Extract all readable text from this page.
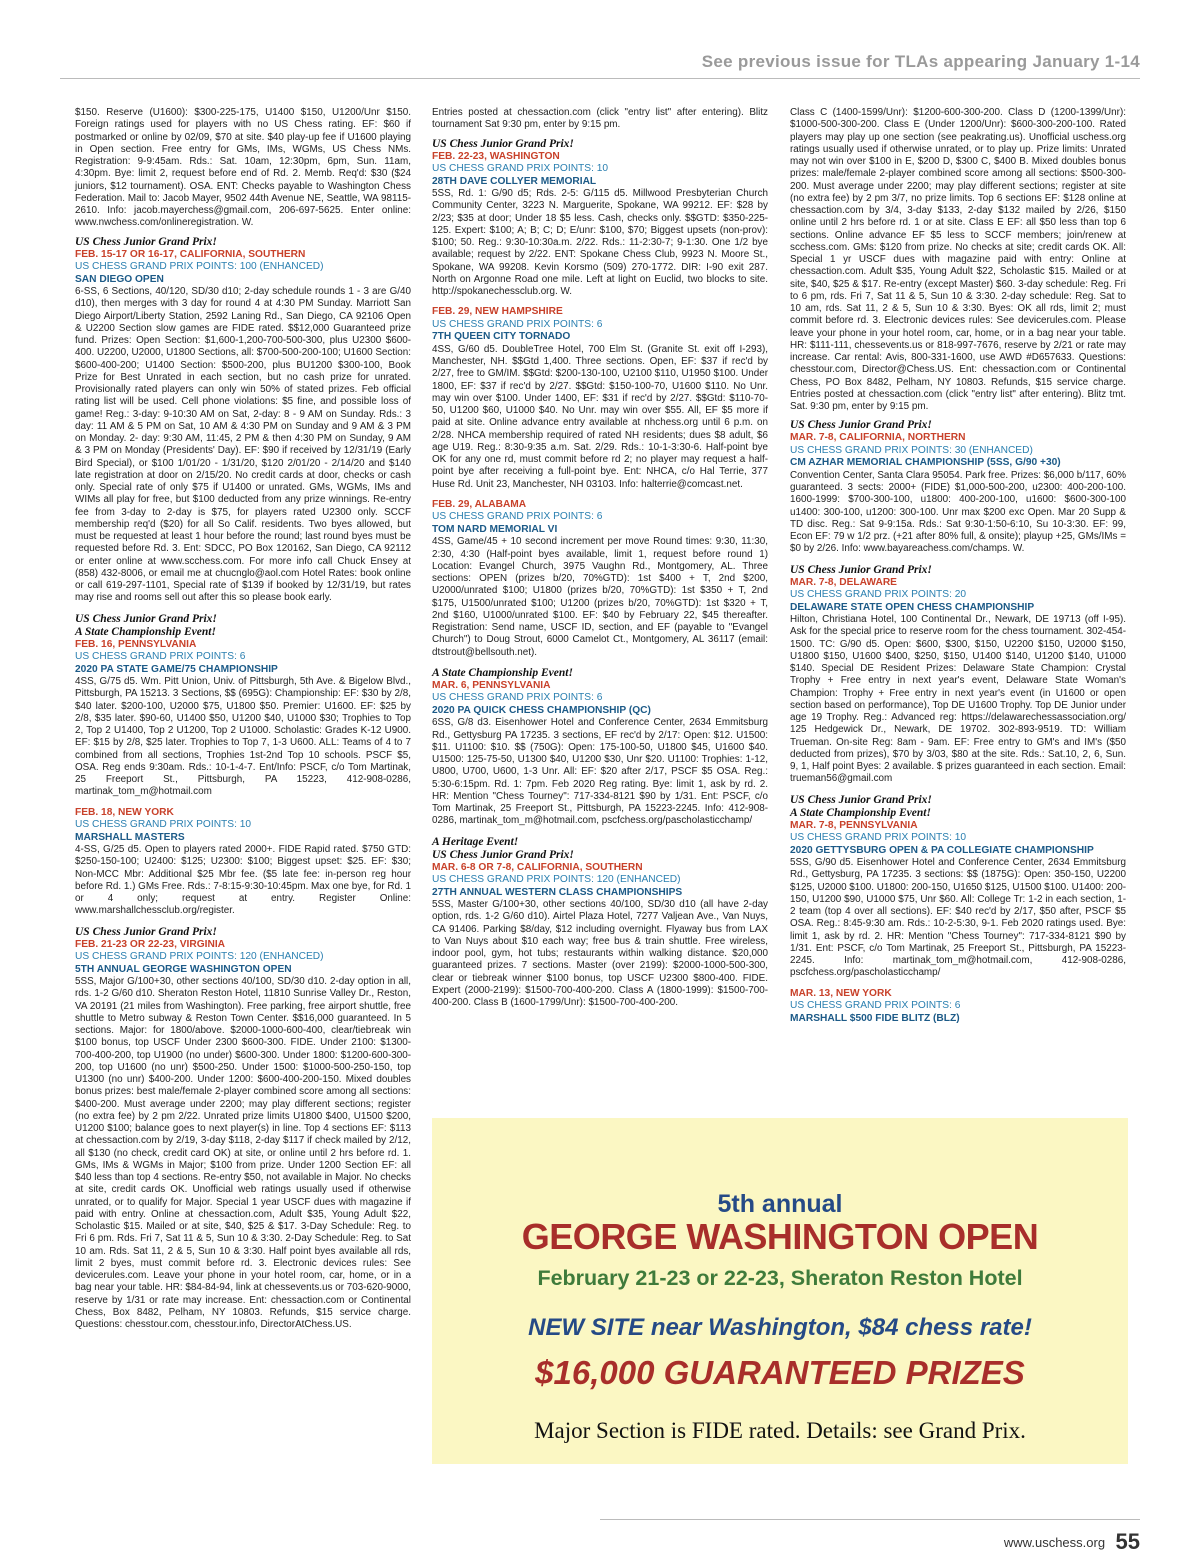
See previous issue for TLAs appearing January 1-14

$150. Reserve (U1600): $300-225-175, U1400 $150, U1200/Unr $150. Foreign ratings used for players with no US Chess rating. EF: $60 if postmarked or online by 02/09, $70 at site. $40 play-up fee if U1600 playing in Open section. Free entry for GMs, IMs, WGMs, US Chess NMs. Registration: 9-9:45am. Rds.: Sat. 10am, 12:30pm, 6pm, Sun. 11am, 4:30pm. Bye: limit 2, request before end of Rd. 2. Memb. Req'd: $30 ($24 juniors, $12 tournament). OSA. ENT: Checks payable to Washington Chess Federation. Mail to: Jacob Mayer, 9502 44th Avenue NE, Seattle, WA 98115-2610. Info: jacob.mayerchess@gmail.com, 206-697-5625. Enter online: www.nwchess.com/onlineregistration. W.

US Chess Junior Grand Prix!
FEB. 15-17 OR 16-17, CALIFORNIA, SOUTHERN
US CHESS GRAND PRIX POINTS: 100 (ENHANCED)
SAN DIEGO OPEN

6-SS, 6 Sections, 40/120, SD/30 d10; 2-day schedule rounds 1 - 3 are G/40 d10), then merges with 3 day for round 4 at 4:30 PM Sunday. Marriott San Diego Airport/Liberty Station, 2592 Laning Rd., San Diego, CA 92106 Open & U2200 Section slow games are FIDE rated. $$12,000 Guaranteed prize fund. Prizes: Open Section: $1,600-1,200-700-500-300, plus U2300 $600-400. U2200, U2000, U1800 Sections, all: $700-500-200-100; U1600 Section: $600-400-200; U1400 Section: $500-200, plus BU1200 $300-100, Book Prize for Best Unrated in each section, but no cash prize for unrated. Provisionally rated players can only win 50% of stated prizes. Feb official rating list will be used. Cell phone violations: $5 fine, and possible loss of game! Reg.: 3-day: 9-10:30 AM on Sat, 2-day: 8 - 9 AM on Sunday. Rds.: 3 day: 11 AM & 5 PM on Sat, 10 AM & 4:30 PM on Sunday and 9 AM & 3 PM on Monday. 2- day: 9:30 AM, 11:45, 2 PM & then 4:30 PM on Sunday, 9 AM & 3 PM on Monday (Presidents' Day). EF: $90 if received by 12/31/19 (Early Bird Special), or $100 1/01/20 - 1/31/20, $120 2/01/20 - 2/14/20 and $140 late registration at door on 2/15/20. No credit cards at door, checks or cash only. Special rate of only $75 if U1400 or unrated. GMs, WGMs, IMs and WIMs all play for free, but $100 deducted from any prize winnings. Re-entry fee from 3-day to 2-day is $75, for players rated U2300 only. SCCF membership req'd ($20) for all So Calif. residents. Two byes allowed, but must be requested at least 1 hour before the round; last round byes must be requested before Rd. 3. Ent: SDCC, PO Box 120162, San Diego, CA 92112 or enter online at www.scchess.com. For more info call Chuck Ensey at (858) 432-8006, or email me at chucnglo@aol.com Hotel Rates: book online or call 619-297-1101, Special rate of $139 if booked by 12/31/19, but rates may rise and rooms sell out after this so please book early.

US Chess Junior Grand Prix!
A State Championship Event!
FEB. 16, PENNSYLVANIA
US CHESS GRAND PRIX POINTS: 6
2020 PA STATE GAME/75 CHAMPIONSHIP

4SS, G/75 d5. Wm. Pitt Union, Univ. of Pittsburgh, 5th Ave. & Bigelow Blvd., Pittsburgh, PA 15213. 3 Sections, $$ (695G): Championship: EF: $30 by 2/8, $40 later. $200-100, U2000 $75, U1800 $50. Premier: U1600. EF: $25 by 2/8, $35 later. $90-60, U1400 $50, U1200 $40, U1000 $30; Trophies to Top 2, Top 2 U1400, Top 2 U1200, Top 2 U1000. Scholastic: Grades K-12 U900. EF: $15 by 2/8, $25 later. Trophies to Top 7, 1-3 U600. ALL: Teams of 4 to 7 combined from all sections, Trophies 1st-2nd Top 10 schools. PSCF $5, OSA. Reg ends 9:30am. Rds.: 10-1-4-7. Ent/Info: PSCF, c/o Tom Martinak, 25 Freeport St., Pittsburgh, PA 15223, 412-908-0286, martinak_tom_m@hotmail.com

FEB. 18, NEW YORK
US CHESS GRAND PRIX POINTS: 10
MARSHALL MASTERS

4-SS, G/25 d5. Open to players rated 2000+. FIDE Rapid rated. $750 GTD: $250-150-100; U2400: $125; U2300: $100; Biggest upset: $25. EF: $30; Non-MCC Mbr: Additional $25 Mbr fee. ($5 late fee: in-person reg hour before Rd. 1.) GMs Free. Rds.: 7-8:15-9:30-10:45pm. Max one bye, for Rd. 1 or 4 only; request at entry. Register Online: www.marshallchessclub.org/register.

US Chess Junior Grand Prix!
FEB. 21-23 OR 22-23, VIRGINIA
US CHESS GRAND PRIX POINTS: 120 (ENHANCED)
5TH ANNUAL GEORGE WASHINGTON OPEN

5SS, Major G/100+30, other sections 40/100, SD/30 d10. 2-day option in all, rds. 1-2 G/60 d10. Sheraton Reston Hotel, 11810 Sunrise Valley Dr., Reston, VA 20191 (21 miles from Washington). Free parking, free airport shuttle, free shuttle to Metro subway & Reston Town Center. $$16,000 guaranteed. In 5 sections. Major: for 1800/above. $2000-1000-600-400, clear/tiebreak win $100 bonus, top USCF Under 2300 $600-300. FIDE. Under 2100: $1300-700-400-200, top U1900 (no under) $600-300. Under 1800: $1200-600-300-200, top U1600 (no unr) $500-250. Under 1500: $1000-500-250-150, top U1300 (no unr) $400-200. Under 1200: $600-400-200-150. Mixed doubles bonus prizes: best male/female 2-player combined score among all sections: $400-200. Must average under 2200; may play different sections; register (no extra fee) by 2 pm 2/22. Unrated prize limits U1800 $400, U1500 $200, U1200 $100; balance goes to next player(s) in line. Top 4 sections EF: $113 at chessaction.com by 2/19, 3-day $118, 2-day $117 if check mailed by 2/12, all $130 (no check, credit card OK) at site, or online until 2 hrs before rd. 1. GMs, IMs & WGMs in Major; $100 from prize. Under 1200 Section EF: all $40 less than top 4 sections. Re-entry $50, not available in Major. No checks at site, credit cards OK. Unofficial web ratings usually used if otherwise unrated, or to qualify for Major. Special 1 year USCF dues with magazine if paid with entry. Online at chessaction.com, Adult $35, Young Adult $22, Scholastic $15. Mailed or at site, $40, $25 & $17. 3-Day Schedule: Reg. to Fri 6 pm. Rds. Fri 7, Sat 11 & 5, Sun 10 & 3:30. 2-Day Schedule: Reg. to Sat 10 am. Rds. Sat 11, 2 & 5, Sun 10 & 3:30. Half point byes available all rds, limit 2 byes, must commit before rd. 3. Electronic devices rules: See devicerules.com. Leave your phone in your hotel room, car, home, or in a bag near your table. HR: $84-84-94, link at chessevents.us or 703-620-9000, reserve by 1/31 or rate may increase. Ent: chessaction.com or Continental Chess, Box 8482, Pelham, NY 10803. Refunds, $15 service charge. Questions: chesstour.com, chesstour.info, DirectorAtChess.US.

Entries posted at chessaction.com (click "entry list" after entering). Blitz tournament Sat 9:30 pm, enter by 9:15 pm.

US Chess Junior Grand Prix!
FEB. 22-23, WASHINGTON
US CHESS GRAND PRIX POINTS: 10
28TH DAVE COLLYER MEMORIAL

5SS, Rd. 1: G/90 d5; Rds. 2-5: G/115 d5. Millwood Presbyterian Church Community Center, 3223 N. Marguerite, Spokane, WA 99212. EF: $28 by 2/23; $35 at door; Under 18 $5 less. Cash, checks only. $$GTD: $350-225-125. Expert: $100; A; B; C; D; E/unr: $100, $70; Biggest upsets (non-prov): $100; 50. Reg.: 9:30-10:30a.m. 2/22. Rds.: 11-2:30-7; 9-1:30. One 1/2 bye available; request by 2/22. ENT: Spokane Chess Club, 9923 N. Moore St., Spokane, WA 99208. Kevin Korsmo (509) 270-1772. DIR: I-90 exit 287. North on Argonne Road one mile. Left at light on Euclid, two blocks to site. http://spokanechessclub.org. W.

FEB. 29, NEW HAMPSHIRE
US CHESS GRAND PRIX POINTS: 6
7TH QUEEN CITY TORNADO

4SS, G/60 d5. DoubleTree Hotel, 700 Elm St. (Granite St. exit off I-293), Manchester, NH. $$Gtd 1,400. Three sections. Open, EF: $37 if rec'd by 2/27, free to GM/IM. $$Gtd: $200-130-100, U2100 $110, U1950 $100. Under 1800, EF: $37 if rec'd by 2/27. $$Gtd: $150-100-70, U1600 $110. No Unr. may win over $100. Under 1400, EF: $31 if rec'd by 2/27. $$Gtd: $110-70-50, U1200 $60, U1000 $40. No Unr. may win over $55. All, EF $5 more if paid at site. Online advance entry available at nhchess.org until 6 p.m. on 2/28. NHCA membership required of rated NH residents; dues $8 adult, $6 age U19. Reg.: 8:30-9:35 a.m. Sat. 2/29. Rds.: 10-1-3:30-6. Half-point bye OK for any one rd, must commit before rd 2; no player may request a half-point bye after receiving a full-point bye. Ent: NHCA, c/o Hal Terrie, 377 Huse Rd. Unit 23, Manchester, NH 03103. Info: halterrie@comcast.net.

FEB. 29, ALABAMA
US CHESS GRAND PRIX POINTS: 6
TOM NARD MEMORIAL VI

4SS, Game/45 + 10 second increment per move Round times: 9:30, 11:30, 2:30, 4:30 (Half-point byes available, limit 1, request before round 1) Location: Evangel Church, 3975 Vaughn Rd., Montgomery, AL. Three sections: OPEN (prizes b/20, 70%GTD): 1st $400 + T, 2nd $200, U2000/unrated $100; U1800 (prizes b/20, 70%GTD): 1st $350 + T, 2nd $175, U1500/unrated $100; U1200 (prizes b/20, 70%GTD): 1st $320 + T, 2nd $160, U1000/unrated $100. EF: $40 by February 22, $45 thereafter. Registration: Send name, USCF ID, section, and EF (payable to "Evangel Church") to Doug Strout, 6000 Camelot Ct., Montgomery, AL 36117 (email: dtstrout@bellsouth.net).

A State Championship Event!
MAR. 6, PENNSYLVANIA
US CHESS GRAND PRIX POINTS: 6
2020 PA QUICK CHESS CHAMPIONSHIP (QC)

6SS, G/8 d3. Eisenhower Hotel and Conference Center, 2634 Emmitsburg Rd., Gettysburg PA 17235. 3 sections, EF rec'd by 2/17: Open: $12. U1500: $11. U1100: $10. $$ (750G): Open: 175-100-50, U1800 $45, U1600 $40. U1500: 125-75-50, U1300 $40, U1200 $30, Unr $20. U1100: Trophies: 1-12, U800, U700, U600, 1-3 Unr. All: EF: $20 after 2/17, PSCF $5 OSA. Reg.: 5:30-6:15pm. Rd. 1: 7pm. Feb 2020 Reg rating. Bye: limit 1, ask by rd. 2. HR: Mention "Chess Tourney": 717-334-8121 $90 by 1/31. Ent: PSCF, c/o Tom Martinak, 25 Freeport St., Pittsburgh, PA 15223-2245. Info: 412-908-0286, martinak_tom_m@hotmail.com, pscfchess.org/pascholasticchamp/

A Heritage Event!
US Chess Junior Grand Prix!
MAR. 6-8 OR 7-8, CALIFORNIA, SOUTHERN
US CHESS GRAND PRIX POINTS: 120 (ENHANCED)
27TH ANNUAL WESTERN CLASS CHAMPIONSHIPS

5SS, Master G/100+30, other sections 40/100, SD/30 d10 (all have 2-day option, rds. 1-2 G/60 d10). Airtel Plaza Hotel, 7277 Valjean Ave., Van Nuys, CA 91406. Parking $8/day, $12 including overnight. Flyaway bus from LAX to Van Nuys about $10 each way; free bus & train shuttle. Free wireless, indoor pool, gym, hot tubs; restaurants within walking distance. $20,000 guaranteed prizes. 7 sections. Master (over 2199): $2000-1000-500-300, clear or tiebreak winner $100 bonus, top USCF U2300 $800-400. FIDE. Expert (2000-2199): $1500-700-400-200. Class A (1800-1999): $1500-700-400-200. Class B (1600-1799/Unr): $1500-700-400-200.

Class C (1400-1599/Unr): $1200-600-300-200. Class D (1200-1399/Unr): $1000-500-300-200. Class E (Under 1200/Unr): $600-300-200-100. Rated players may play up one section (see peakrating.us). Unofficial uschess.org ratings usually used if otherwise unrated, or to play up. Prize limits: Unrated may not win over $100 in E, $200 D, $300 C, $400 B. Mixed doubles bonus prizes: male/female 2-player combined score among all sections: $500-300-200. Must average under 2200; may play different sections; register at site (no extra fee) by 2 pm 3/7, no prize limits. Top 6 sections EF: $128 online at chessaction.com by 3/4, 3-day $133, 2-day $132 mailed by 2/26, $150 online until 2 hrs before rd. 1 or at site. Class E EF: all $50 less than top 6 sections. Online advance EF $5 less to SCCF members; join/renew at scchess.com. GMs: $120 from prize. No checks at site; credit cards OK. All: Special 1 yr USCF dues with magazine paid with entry: Online at chessaction.com. Adult $35, Young Adult $22, Scholastic $15. Mailed or at site, $40, $25 & $17. Re-entry (except Master) $60. 3-day schedule: Reg. Fri to 6 pm, rds. Fri 7, Sat 11 & 5, Sun 10 & 3:30. 2-day schedule: Reg. Sat to 10 am, rds. Sat 11, 2 & 5, Sun 10 & 3:30. Byes: OK all rds, limit 2; must commit before rd. 3. Electronic devices rules: See devicerules.com. Please leave your phone in your hotel room, car, home, or in a bag near your table. HR: $111-111, chessevents.us or 818-997-7676, reserve by 2/21 or rate may increase. Car rental: Avis, 800-331-1600, use AWD #D657633. Questions: chesstour.com, Director@Chess.US. Ent: chessaction.com or Continental Chess, PO Box 8482, Pelham, NY 10803. Refunds, $15 service charge. Entries posted at chessaction.com (click "entry list" after entering). Blitz tmt. Sat. 9:30 pm, enter by 9:15 pm.

US Chess Junior Grand Prix!
MAR. 7-8, CALIFORNIA, NORTHERN
US CHESS GRAND PRIX POINTS: 30 (ENHANCED)
CM AZHAR MEMORIAL CHAMPIONSHIP (5SS, G/90 +30)

Convention Center, Santa Clara 95054. Park free. Prizes: $6,000 b/117, 60% guaranteed. 3 sects: 2000+ (FIDE) $1,000-500-200, u2300: 400-200-100. 1600-1999: $700-300-100, u1800: 400-200-100, u1600: $600-300-100 u1400: 300-100, u1200: 300-100. Unr max $200 exc Open. Mar 20 Supp & TD disc. Reg.: Sat 9-9:15a. Rds.: Sat 9:30-1:50-6:10, Su 10-3:30. EF: 99, Econ EF: 79 w 1/2 prz. (+21 after 80% full, & onsite); playup +25, GMs/IMs = $0 by 2/26. Info: www.bayareachess.com/champs. W.

US Chess Junior Grand Prix!
MAR. 7-8, DELAWARE
US CHESS GRAND PRIX POINTS: 20
DELAWARE STATE OPEN CHESS CHAMPIONSHIP

Hilton, Christiana Hotel, 100 Continental Dr., Newark, DE 19713 (off I-95). Ask for the special price to reserve room for the chess tournament. 302-454-1500. TC: G/90 d5. Open: $600, $300, $150, U2200 $150, U2000 $150, U1800 $150, U1600 $400, $250, $150, U1400 $140, U1200 $140, U1000 $140. Special DE Resident Prizes: Delaware State Champion: Crystal Trophy + Free entry in next year's event, Delaware State Woman's Champion: Trophy + Free entry in next year's event (in U1600 or open section based on performance), Top DE U1600 Trophy. Top DE Junior under age 19 Trophy. Reg.: Advanced reg: https://delawarechessassociation.org/ 125 Hedgewick Dr., Newark, DE 19702. 302-893-9519. TD: William Trueman. On-site Reg: 8am - 9am. EF: Free entry to GM's and IM's ($50 deducted from prizes), $70 by 3/03, $80 at the site. Rds.: Sat.10, 2, 6, Sun. 9, 1, Half point Byes: 2 available. $ prizes guaranteed in each section. Email: trueman56@gmail.com

US Chess Junior Grand Prix!
A State Championship Event!
MAR. 7-8, PENNSYLVANIA
US CHESS GRAND PRIX POINTS: 10
2020 GETTYSBURG OPEN & PA COLLEGIATE CHAMPIONSHIP

5SS, G/90 d5. Eisenhower Hotel and Conference Center, 2634 Emmitsburg Rd., Gettysburg, PA 17235. 3 sections: $$ (1875G): Open: 350-150, U2200 $125, U2000 $100. U1800: 200-150, U1650 $125, U1500 $100. U1400: 200-150, U1200 $90, U1000 $75, Unr $60. All: College Tr: 1-2 in each section, 1-2 team (top 4 over all sections). EF: $40 rec'd by 2/17, $50 after, PSCF $5 OSA. Reg.: 8:45-9:30 am. Rds.: 10-2-5:30, 9-1. Feb 2020 ratings used. Bye: limit 1, ask by rd. 2. HR: Mention "Chess Tourney": 717-334-8121 $90 by 1/31. Ent: PSCF, c/o Tom Martinak, 25 Freeport St., Pittsburgh, PA 15223-2245. Info: martinak_tom_m@hotmail.com, 412-908-0286, pscfchess.org/pascholasticchamp/

MAR. 13, NEW YORK
US CHESS GRAND PRIX POINTS: 6
MARSHALL $500 FIDE BLITZ (BLZ)
5th annual
GEORGE WASHINGTON OPEN
February 21-23 or 22-23, Sheraton Reston Hotel
NEW SITE near Washington, $84 chess rate!
$16,000 GUARANTEED PRIZES
Major Section is FIDE rated. Details: see Grand Prix.
www.uschess.org 55
